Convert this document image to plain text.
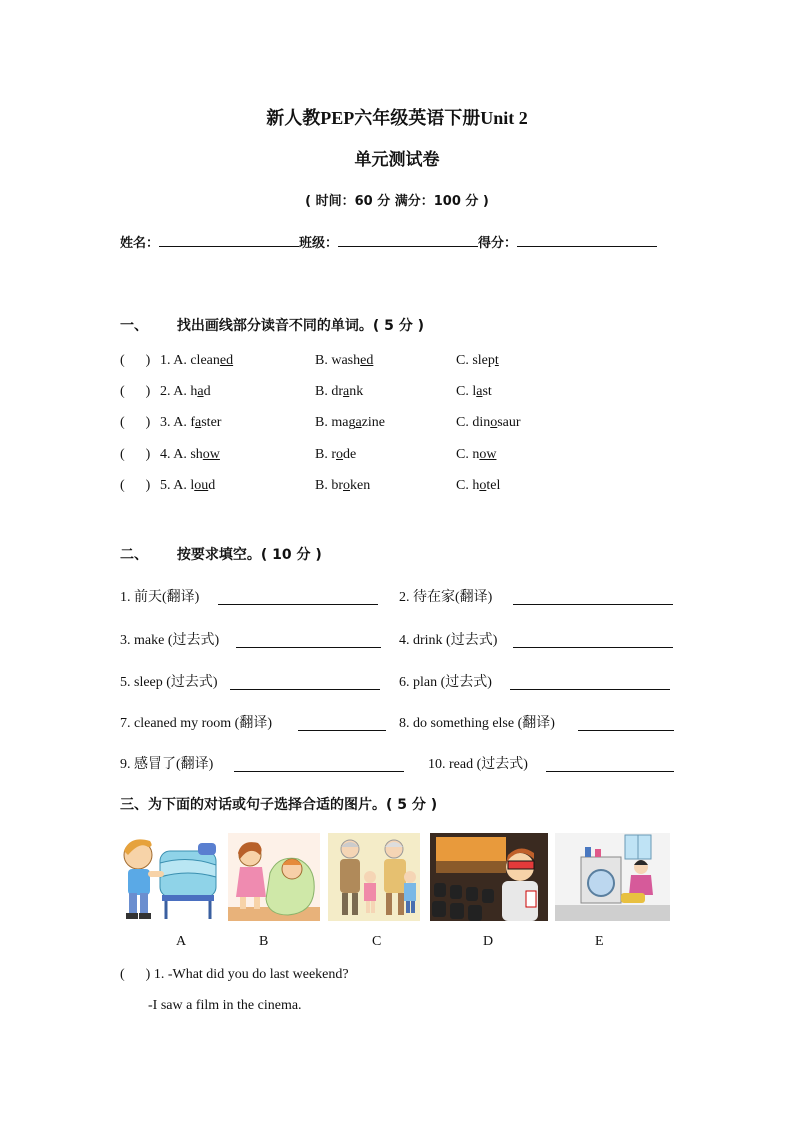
新人教PEP六年级英语下册Unit 2
单元测试卷
( 时间：60 分 满分：100 分 )
姓名：	班级：	得分：
一、 找出画线部分读音不同的单词。( 5 分 )
(      ) 1. A. cleaned	B. washed	C. slept
(      ) 2. A. had	B. drank	C. last
(      ) 3. A. faster	B. magazine	C. dinosaur
(      ) 4. A. show	B. rode	C. now
(      ) 5. A. loud	B. broken	C. hotel
二、 按要求填空。( 10 分 )
1. 前天(翻译)	2. 待在家(翻译)
3. make (过去式)	4. drink (过去式)
5. sleep (过去式)	6. plan (过去式)
7. cleaned my room (翻译)	8. do something else (翻译)
9. 感冒了(翻译)	10. read (过去式)
三、为下面的对话或句子选择合适的图片。( 5 分 )
A	B	C	D	E
(      ) 1. -What did you do last weekend?
-I saw a film in the cinema.
